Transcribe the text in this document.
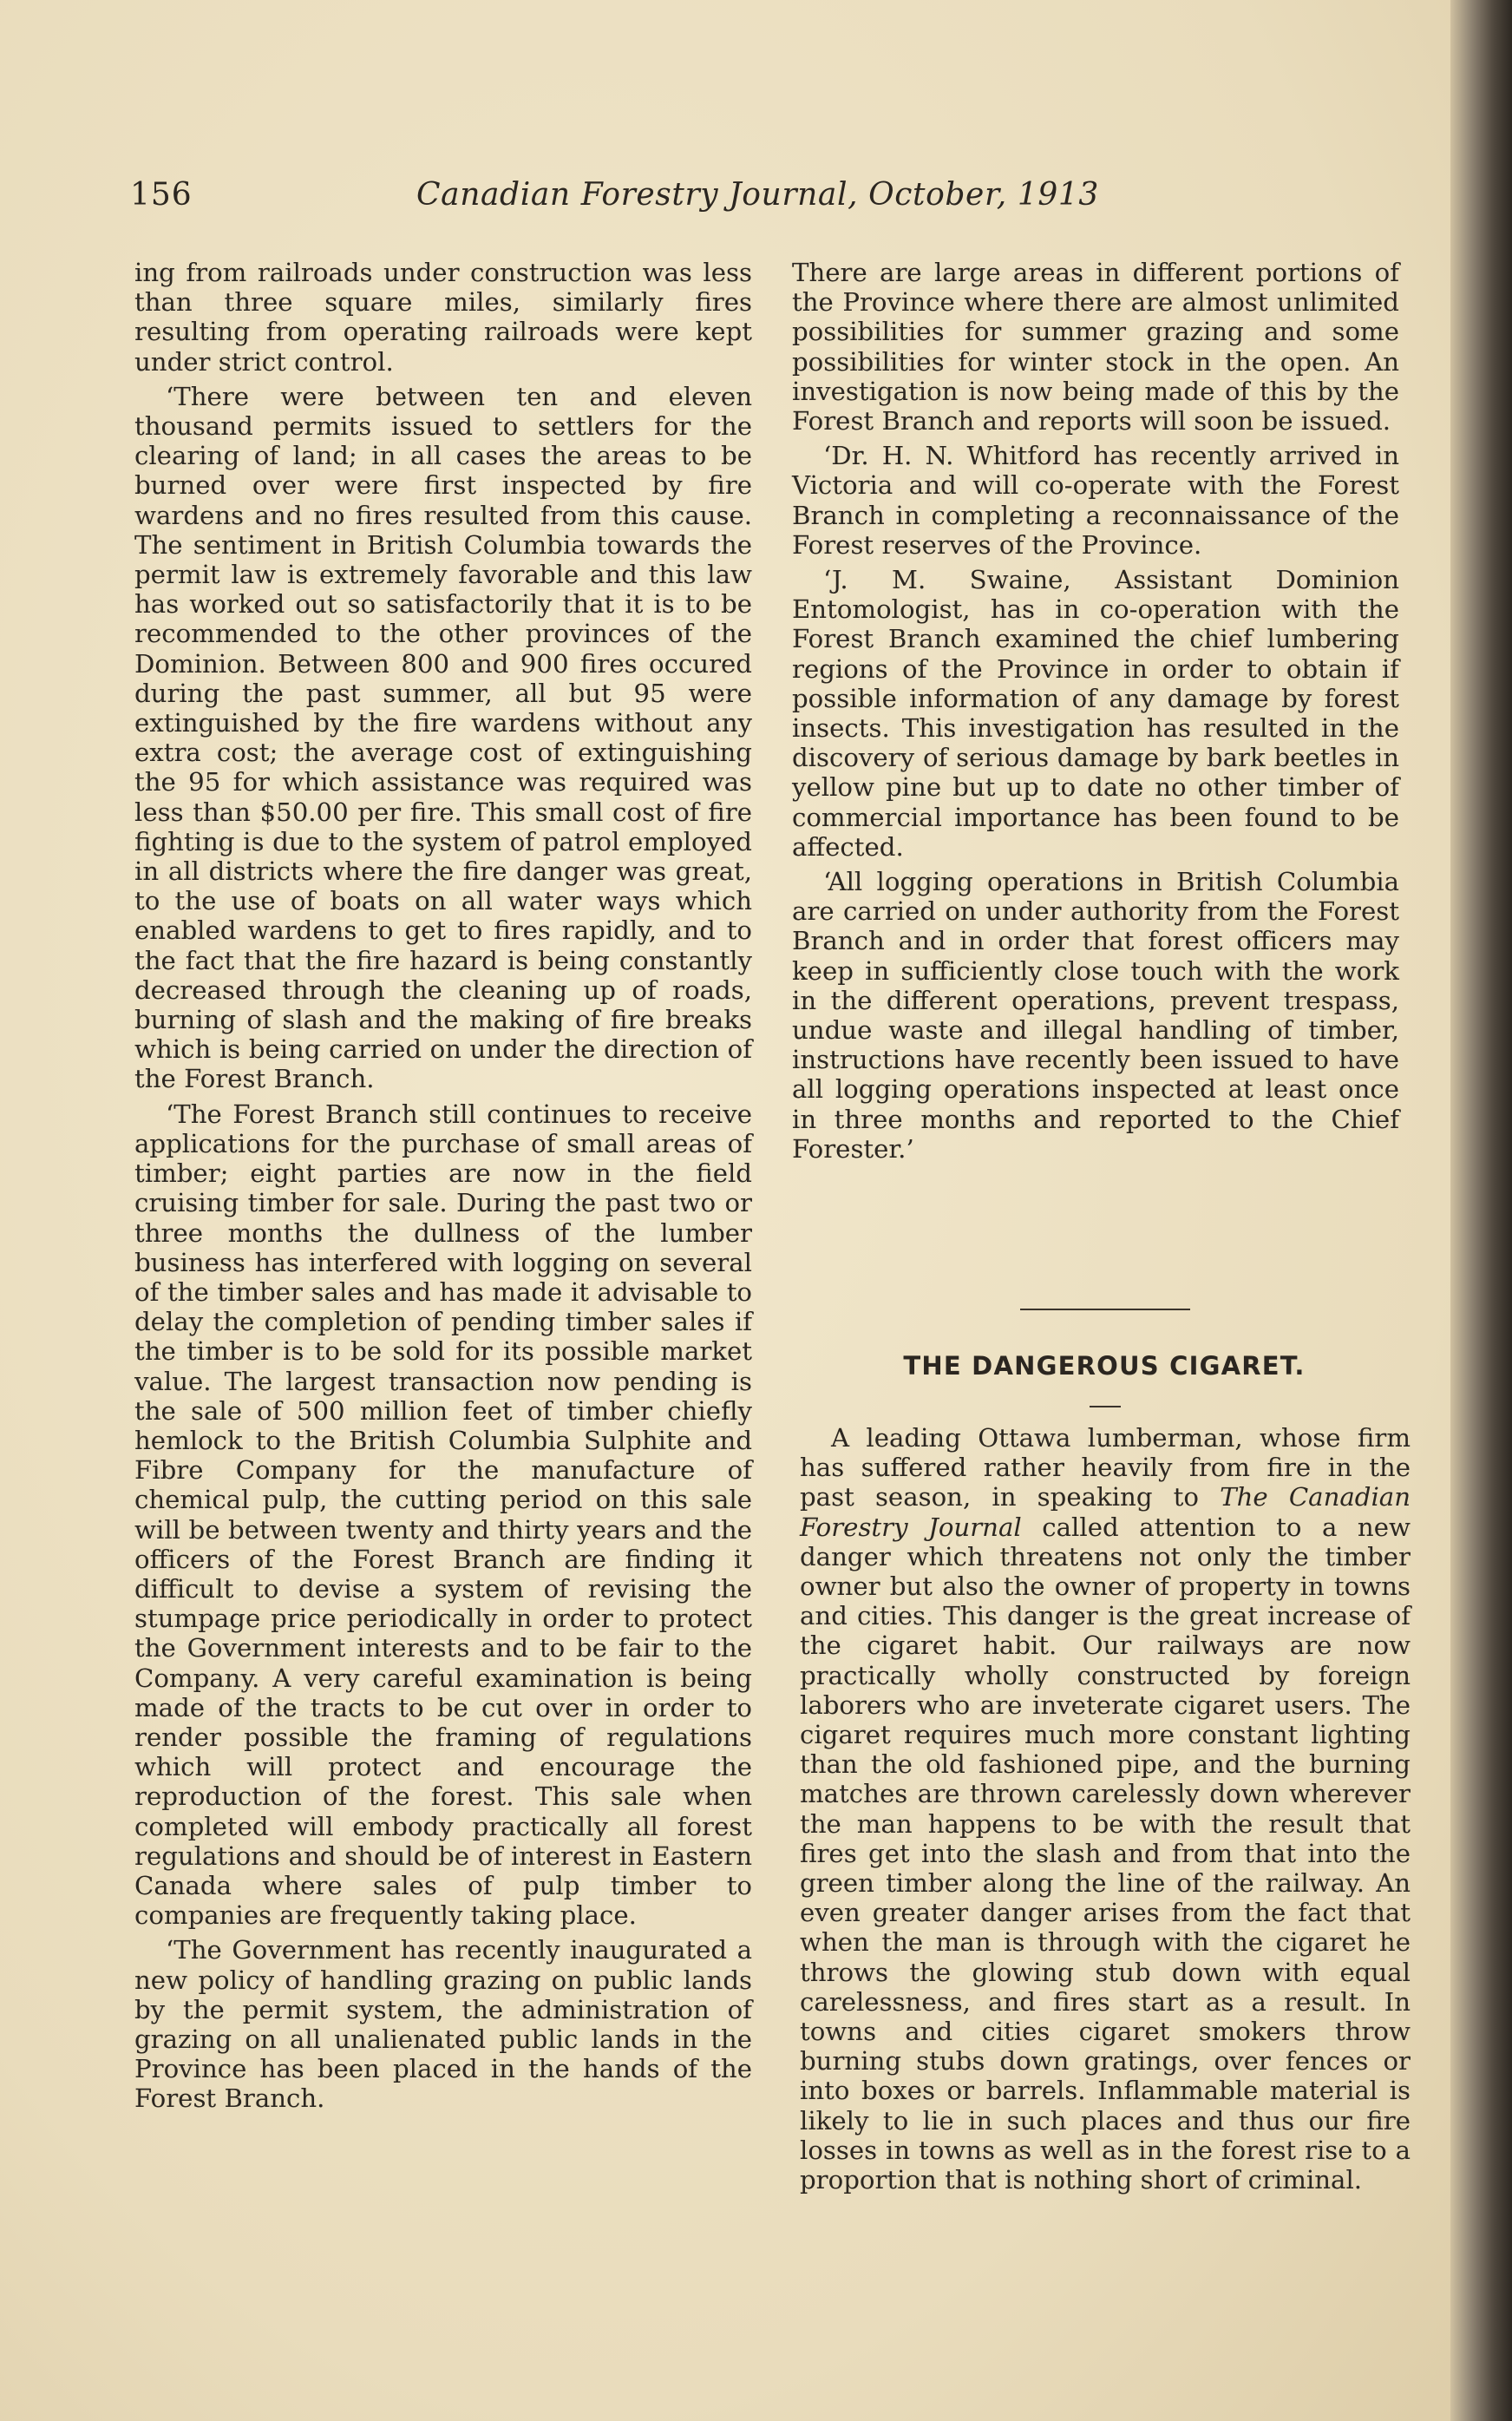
156	Canadian Forestry Journal, October, 1913

ing from railroads under construction was less than three square miles, similarly fires resulting from operating railroads were kept under strict control.

‘There were between ten and eleven thousand permits issued to settlers for the clearing of land; in all cases the areas to be burned over were first inspected by fire wardens and no fires resulted from this cause. The sentiment in British Columbia towards the permit law is extremely favorable and this law has worked out so satisfactorily that it is to be recommended to the other provinces of the Dominion. Between 800 and 900 fires occured during the past summer, all but 95 were extinguished by the fire wardens without any extra cost; the average cost of extinguishing the 95 for which assistance was required was less than $50.00 per fire. This small cost of fire fighting is due to the system of patrol employed in all districts where the fire danger was great, to the use of boats on all water ways which enabled wardens to get to fires rapidly, and to the fact that the fire hazard is being constantly decreased through the cleaning up of roads, burning of slash and the making of fire breaks which is being carried on under the direction of the Forest Branch.

‘The Forest Branch still continues to receive applications for the purchase of small areas of timber; eight parties are now in the field cruising timber for sale. During the past two or three months the dullness of the lumber business has interfered with logging on several of the timber sales and has made it advisable to delay the completion of pending timber sales if the timber is to be sold for its possible market value. The largest transaction now pending is the sale of 500 million feet of timber chiefly hemlock to the British Columbia Sulphite and Fibre Company for the manufacture of chemical pulp, the cutting period on this sale will be between twenty and thirty years and the officers of the Forest Branch are finding it difficult to devise a system of revising the stumpage price periodically in order to protect the Government interests and to be fair to the Company. A very careful examination is being made of the tracts to be cut over in order to render possible the framing of regulations which will protect and encourage the reproduction of the forest. This sale when completed will embody practically all forest regulations and should be of interest in Eastern Canada where sales of pulp timber to companies are frequently taking place.

‘The Government has recently inaugurated a new policy of handling grazing on public lands by the permit system, the administration of grazing on all unalienated public lands in the Province has been placed in the hands of the Forest Branch.

There are large areas in different portions of the Province where there are almost unlimited possibilities for summer grazing and some possibilities for winter stock in the open. An investigation is now being made of this by the Forest Branch and reports will soon be issued.

‘Dr. H. N. Whitford has recently arrived in Victoria and will co-operate with the Forest Branch in completing a reconnaissance of the Forest reserves of the Province.

‘J. M. Swaine, Assistant Dominion Entomologist, has in co-operation with the Forest Branch examined the chief lumbering regions of the Province in order to obtain if possible information of any damage by forest insects. This investigation has resulted in the discovery of serious damage by bark beetles in yellow pine but up to date no other timber of commercial importance has been found to be affected.

‘All logging operations in British Columbia are carried on under authority from the Forest Branch and in order that forest officers may keep in sufficiently close touch with the work in the different operations, prevent trespass, undue waste and illegal handling of timber, instructions have recently been issued to have all logging operations inspected at least once in three months and reported to the Chief Forester.’

THE DANGEROUS CIGARET.

A leading Ottawa lumberman, whose firm has suffered rather heavily from fire in the past season, in speaking to The Canadian Forestry Journal called attention to a new danger which threatens not only the timber owner but also the owner of property in towns and cities. This danger is the great increase of the cigaret habit. Our railways are now practically wholly constructed by foreign laborers who are inveterate cigaret users. The cigaret requires much more constant lighting than the old fashioned pipe, and the burning matches are thrown carelessly down wherever the man happens to be with the result that fires get into the slash and from that into the green timber along the line of the railway. An even greater danger arises from the fact that when the man is through with the cigaret he throws the glowing stub down with equal carelessness, and fires start as a result. In towns and cities cigaret smokers throw burning stubs down gratings, over fences or into boxes or barrels. Inflammable material is likely to lie in such places and thus our fire losses in towns as well as in the forest rise to a proportion that is nothing short of criminal.
